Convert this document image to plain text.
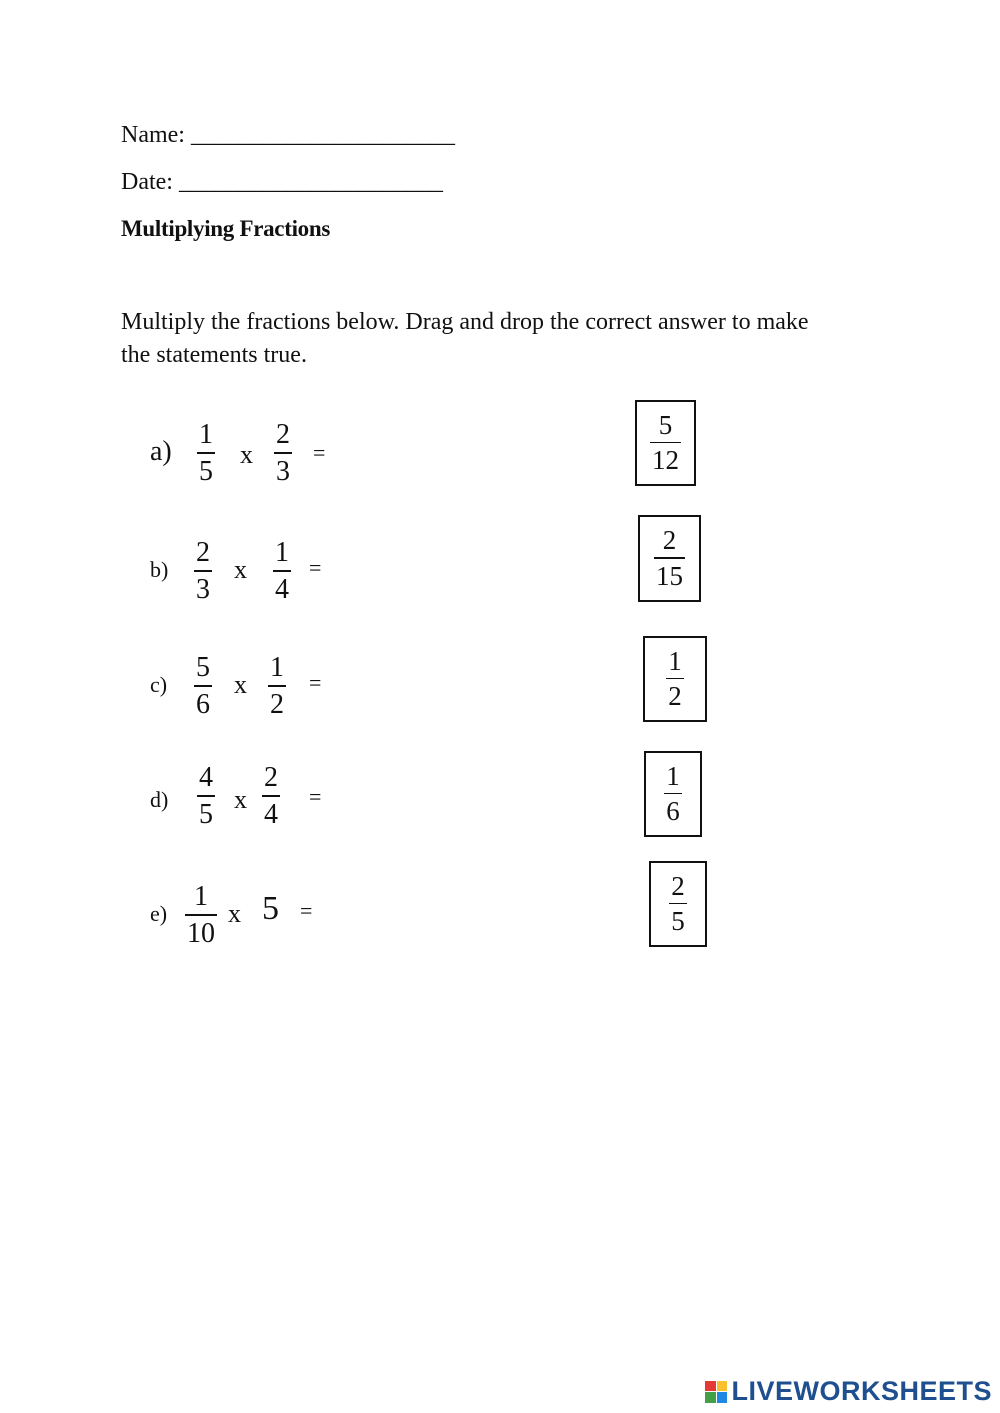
Name: ______________________
Date: ______________________
Multiplying Fractions
Multiply the fractions below. Drag and drop the correct answer to make the statements true.
a)
1
5
x
2
3
=
b)
2
3
x
1
4
=
c)
5
6
x
1
2
=
d)
4
5 x
2
4
=
e)
1
10
x 5 =
$\frac{5}{12}$
$\frac{2}{15}$
$\frac{1}{2}$
$\frac{1}{6}$
$\frac{2}{5}$
LIVEWORKSHEETS
